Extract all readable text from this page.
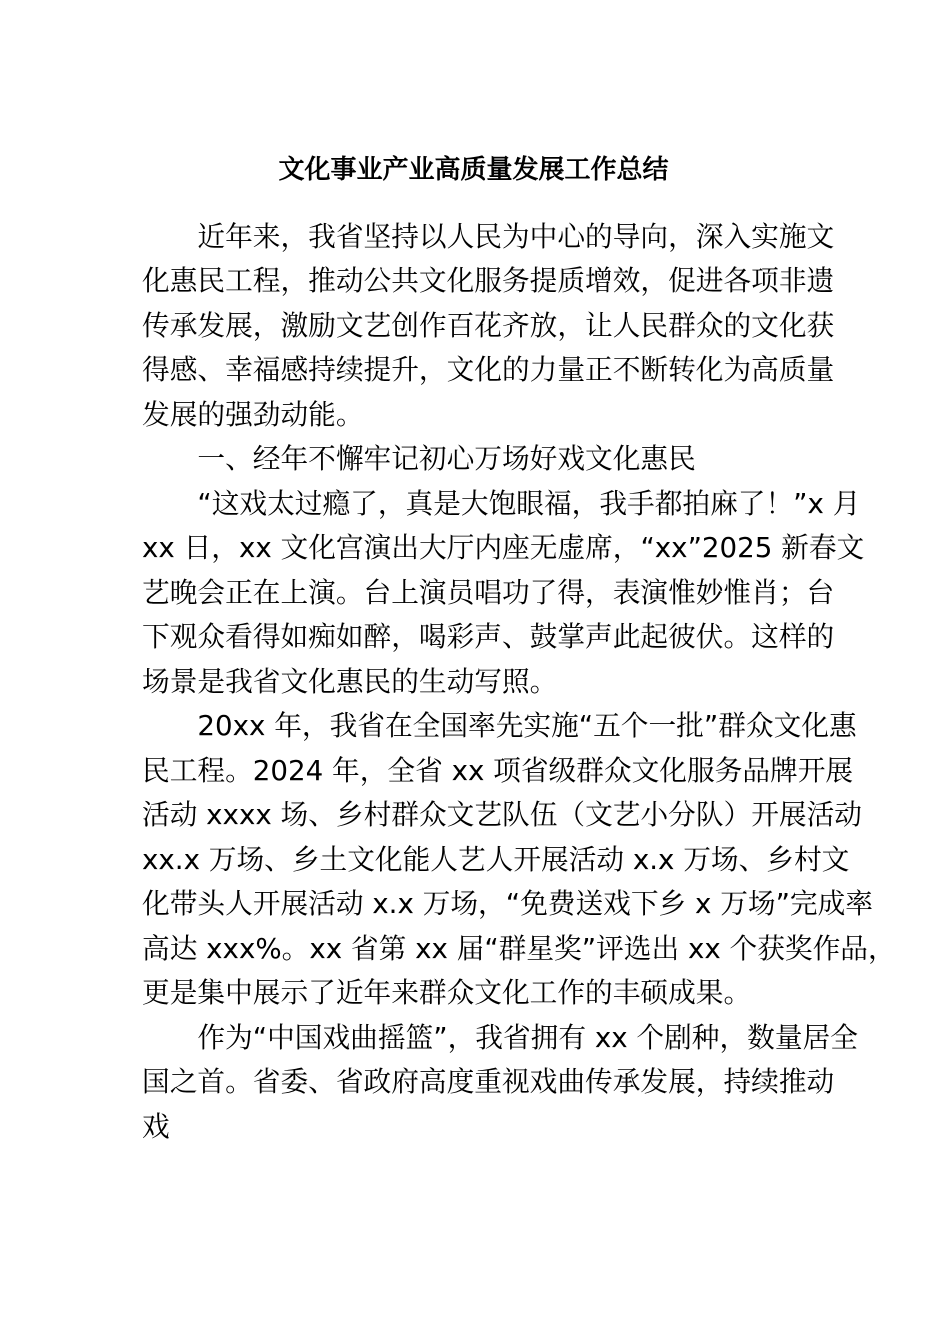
文化事业产业高质量发展工作总结

近年来，我省坚持以人民为中心的导向，深入实施文
化惠民工程，推动公共文化服务提质增效，促进各项非遗
传承发展，激励文艺创作百花齐放，让人民群众的文化获
得感、幸福感持续提升，文化的力量正不断转化为高质量
发展的强劲动能。

一、经年不懈牢记初心万场好戏文化惠民

“这戏太过瘾了，真是大饱眼福，我手都拍麻了！”x 月
xx 日，xx 文化宫演出大厅内座无虚席，“xx”2025 新春文
艺晚会正在上演。台上演员唱功了得，表演惟妙惟肖；台
下观众看得如痴如醉，喝彩声、鼓掌声此起彼伏。这样的
场景是我省文化惠民的生动写照。

20xx 年，我省在全国率先实施“五个一批”群众文化惠
民工程。2024 年，全省 xx 项省级群众文化服务品牌开展
活动 xxxx 场、乡村群众文艺队伍（文艺小分队）开展活动
xx.x 万场、乡土文化能人艺人开展活动 x.x 万场、乡村文
化带头人开展活动 x.x 万场，“免费送戏下乡 x 万场”完成率
高达 xxx%。xx 省第 xx 届“群星奖”评选出 xx 个获奖作品，
更是集中展示了近年来群众文化工作的丰硕成果。

作为“中国戏曲摇篮”，我省拥有 xx 个剧种，数量居全
国之首。省委、省政府高度重视戏曲传承发展，持续推动
戏
